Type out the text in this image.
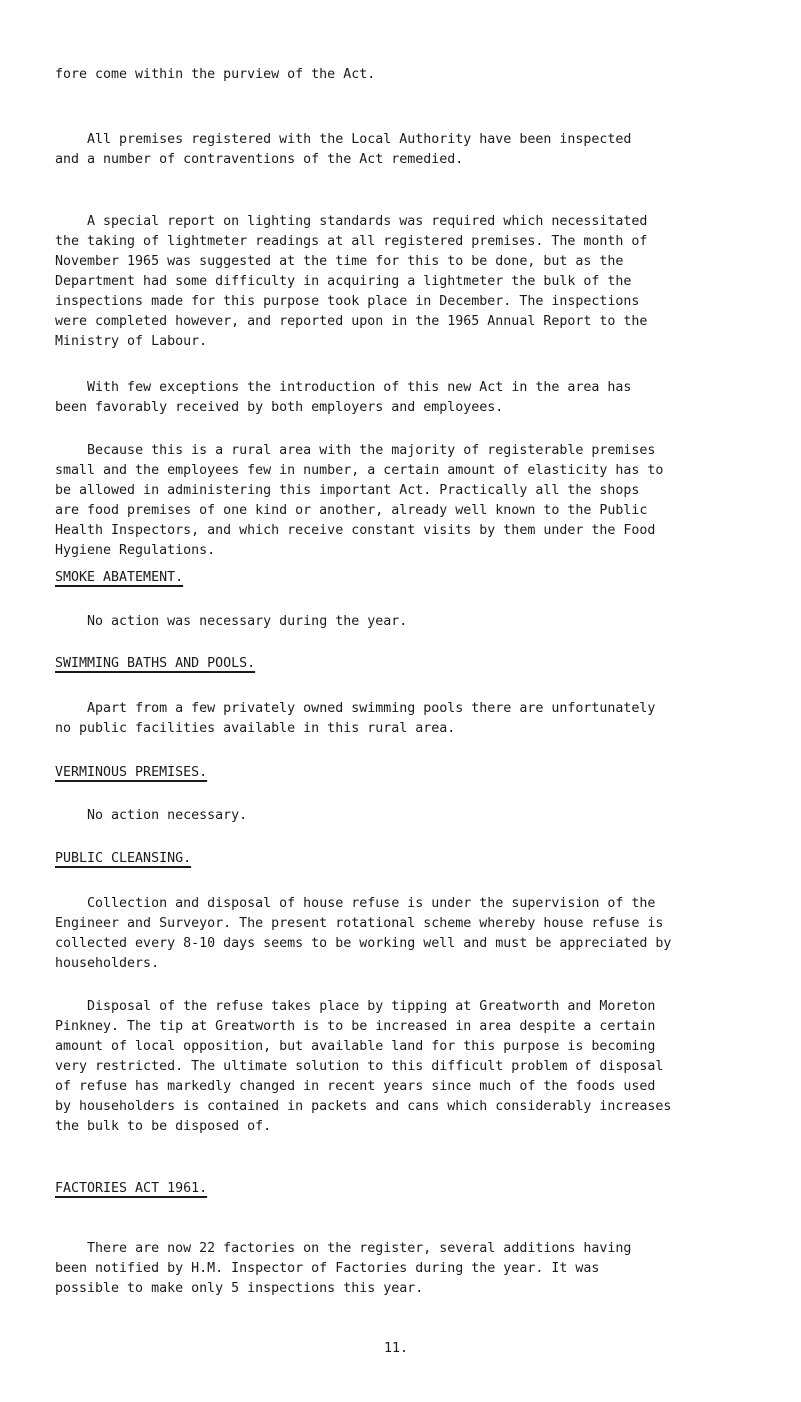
fore come within the purview of the Act.

All premises registered with the Local Authority have been inspected
and a number of contraventions of the Act remedied.

A special report on lighting standards was required which necessitated
the taking of lightmeter readings at all registered premises. The month of
November 1965 was suggested at the time for this to be done, but as the
Department had some difficulty in acquiring a lightmeter the bulk of the
inspections made for this purpose took place in December. The inspections
were completed however, and reported upon in the 1965 Annual Report to the
Ministry of Labour.

With few exceptions the introduction of this new Act in the area has
been favorably received by both employers and employees.

Because this is a rural area with the majority of registerable premises
small and the employees few in number, a certain amount of elasticity has to
be allowed in administering this important Act. Practically all the shops
are food premises of one kind or another, already well known to the Public
Health Inspectors, and which receive constant visits by them under the Food
Hygiene Regulations.

SMOKE ABATEMENT.

No action was necessary during the year.

SWIMMING BATHS AND POOLS.

Apart from a few privately owned swimming pools there are unfortunately
no public facilities available in this rural area.

VERMINOUS PREMISES.

No action necessary.

PUBLIC CLEANSING.

Collection and disposal of house refuse is under the supervision of the
Engineer and Surveyor. The present rotational scheme whereby house refuse is
collected every 8-10 days seems to be working well and must be appreciated by
householders.

Disposal of the refuse takes place by tipping at Greatworth and Moreton
Pinkney. The tip at Greatworth is to be increased in area despite a certain
amount of local opposition, but available land for this purpose is becoming
very restricted. The ultimate solution to this difficult problem of disposal
of refuse has markedly changed in recent years since much of the foods used
by householders is contained in packets and cans which considerably increases
the bulk to be disposed of.

FACTORIES ACT 1961.

There are now 22 factories on the register, several additions having
been notified by H.M. Inspector of Factories during the year. It was
possible to make only 5 inspections this year.

11.
